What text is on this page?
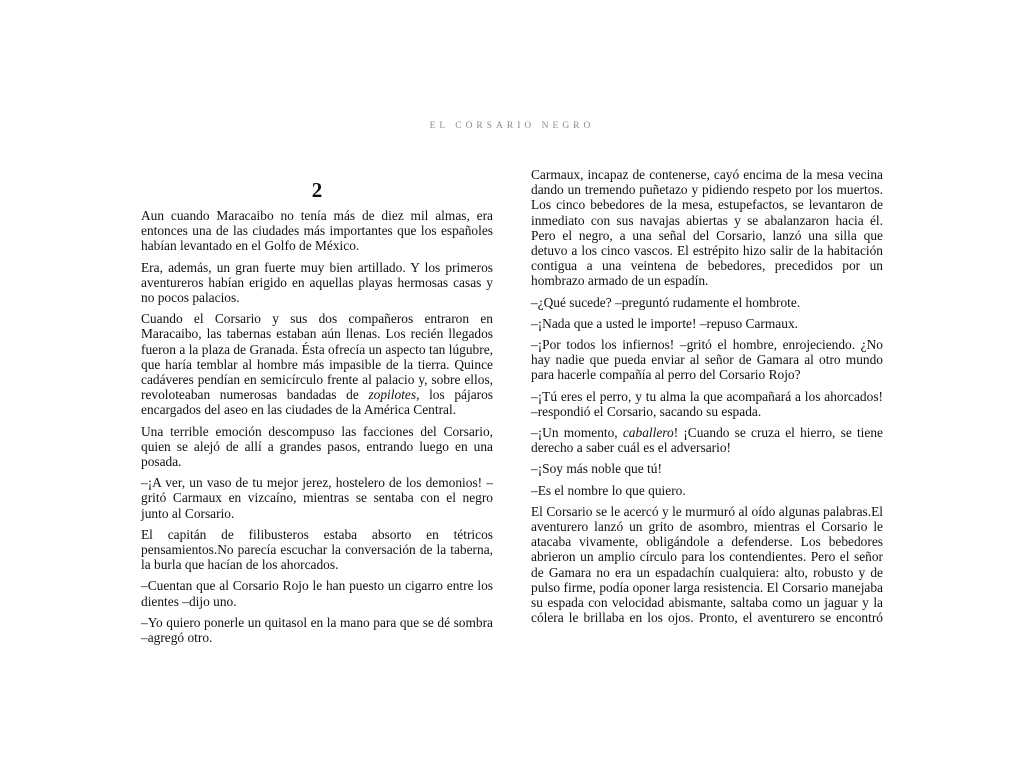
EL CORSARIO NEGRO
2

Aun cuando Maracaibo no tenía más de diez mil almas, era entonces una de las ciudades más importantes que los españoles habían levantado en el Golfo de México.

Era, además, un gran fuerte muy bien artillado. Y los primeros aventureros habían erigido en aquellas playas hermosas casas y no pocos palacios.

Cuando el Corsario y sus dos compañeros entraron en Maracaibo, las tabernas estaban aún llenas. Los recién llegados fueron a la plaza de Granada. Ésta ofrecía un aspecto tan lúgubre, que haría temblar al hombre más impasible de la tierra. Quince cadáveres pendían en semicírculo frente al palacio y, sobre ellos, revoloteaban numerosas bandadas de zopilotes, los pájaros encargados del aseo en las ciudades de la América Central.

Una terrible emoción descompuso las facciones del Corsario, quien se alejó de allí a grandes pasos, entrando luego en una posada.

–¡A ver, un vaso de tu mejor jerez, hostelero de los demonios! –gritó Carmaux en vizcaíno, mientras se sentaba con el negro junto al Corsario.

El capitán de filibusteros estaba absorto en tétricos pensamientos.No parecía escuchar la conversación de la taberna, la burla que hacían de los ahorcados.

–Cuentan que al Corsario Rojo le han puesto un cigarro entre los dientes –dijo uno.

–Yo quiero ponerle un quitasol en la mano para que se dé sombra –agregó otro.

Carmaux, incapaz de contenerse, cayó encima de la mesa vecina dando un tremendo puñetazo y pidiendo respeto por los muertos. Los cinco bebedores de la mesa, estupefactos, se levantaron de inmediato con sus navajas abiertas y se abalanzaron hacia él. Pero el negro, a una señal del Corsario, lanzó una silla que detuvo a los cinco vascos. El estrépito hizo salir de la habitación contigua a una veintena de bebedores, precedidos por un hombrazo armado de un espadín.

–¿Qué sucede? –preguntó rudamente el hombrote.

–¡Nada que a usted le importe! –repuso Carmaux.

–¡Por todos los infiernos! –gritó el hombre, enrojeciendo. ¿No hay nadie que pueda enviar al señor de Gamara al otro mundo para hacerle compañía al perro del Corsario Rojo?

–¡Tú eres el perro, y tu alma la que acompañará a los ahorcados! –respondió el Corsario, sacando su espada.

–¡Un momento, caballero! ¡Cuando se cruza el hierro, se tiene derecho a saber cuál es el adversario!

–¡Soy más noble que tú!

–Es el nombre lo que quiero.

El Corsario se le acercó y le murmuró al oído algunas palabras.El aventurero lanzó un grito de asombro, mientras el Corsario le atacaba vivamente, obligándole a defenderse. Los bebedores abrieron un amplio círculo para los contendientes. Pero el señor de Gamara no era un espadachín cualquiera: alto, robusto y de pulso firme, podía oponer larga resistencia. El Corsario manejaba su espada con velocidad abismante, saltaba como un jaguar y la cólera le brillaba en los ojos. Pronto, el aventurero se encontró
